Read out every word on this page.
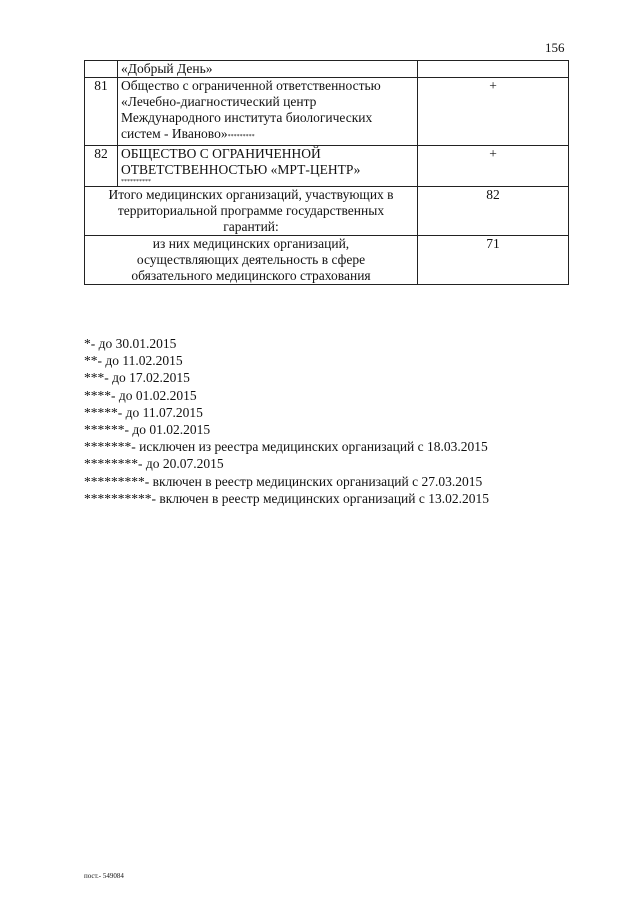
156
	«Добрый День»	
81	Общество с ограниченной ответственностью
«Лечебно-диагностический центр
Международного института биологических
систем - Иваново»*********	+
82	ОБЩЕСТВО С ОГРАНИЧЕННОЙ
ОТВЕТСТВЕННОСТЬЮ «МРТ-ЦЕНТР»
**********	+
Итого медицинских организаций, участвующих в
территориальной программе государственных
гарантий:		82
из них медицинских организаций,
осуществляющих деятельность в сфере
обязательного медицинского страхования		71
*- до 30.01.2015
**- до 11.02.2015
***- до 17.02.2015
****- до 01.02.2015
*****- до 11.07.2015
******- до 01.02.2015
*******- исключен из реестра медицинских организаций с 18.03.2015
********- до 20.07.2015
*********- включен в реестр медицинских организаций с 27.03.2015
**********- включен в реестр медицинских организаций с 13.02.2015
пост.- 549084
